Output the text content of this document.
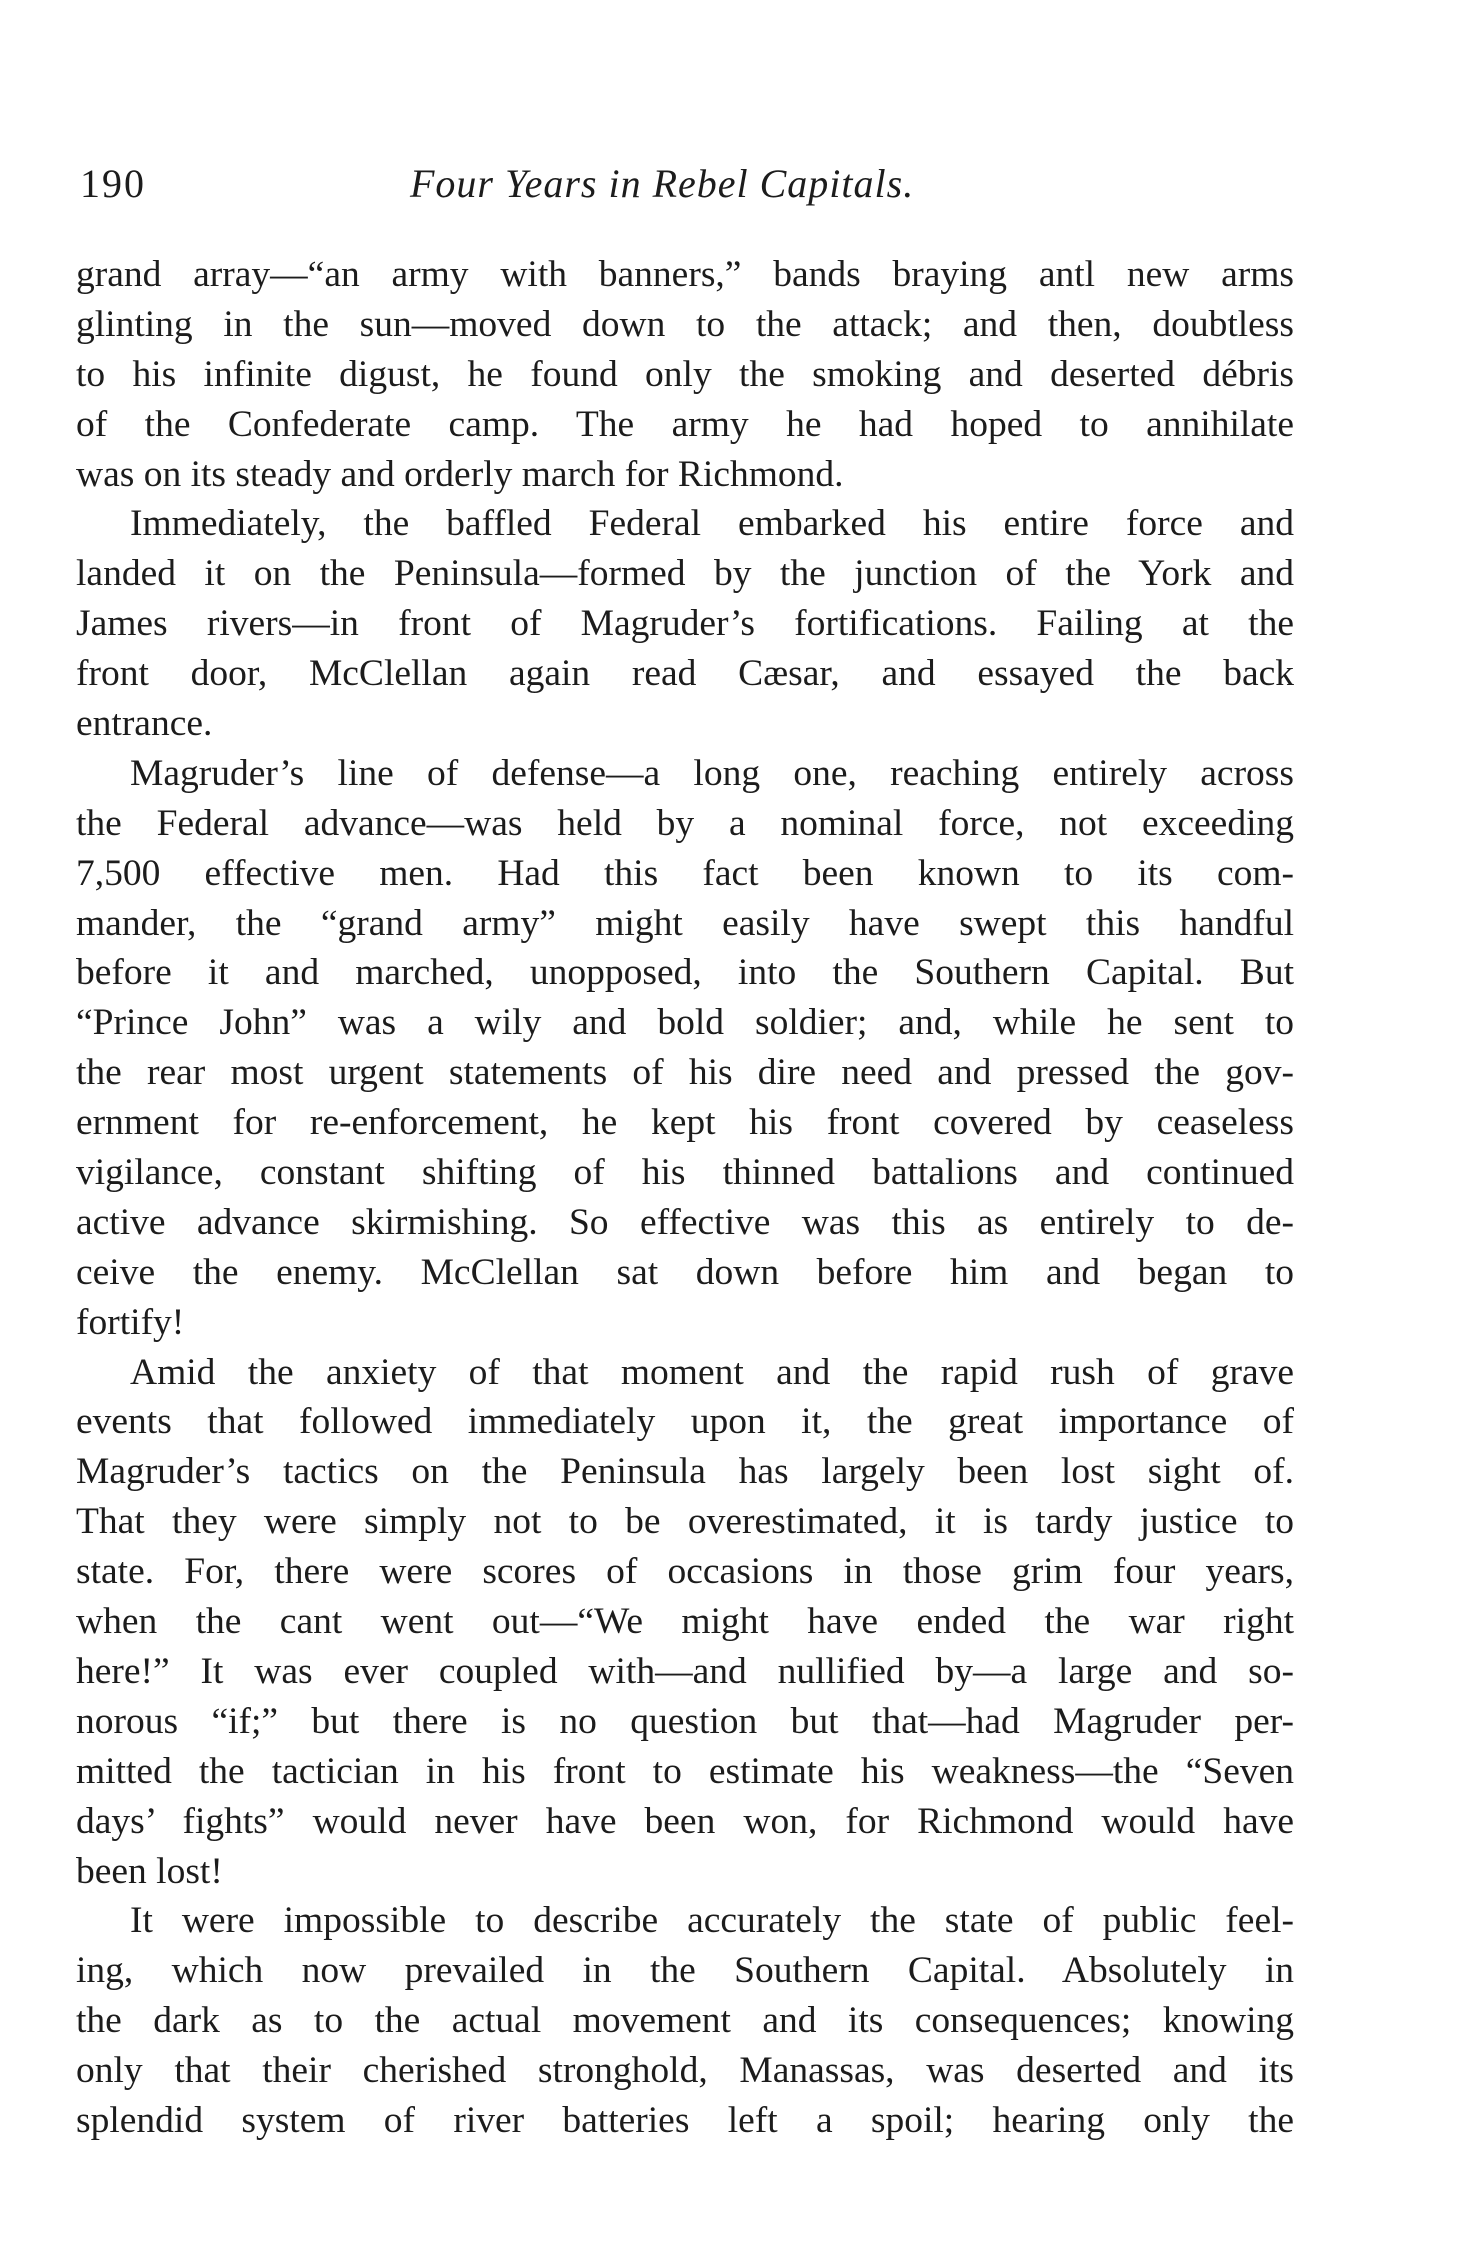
190	Four Years in Rebel Capitals.
grand array—“an army with banners,” bands braying antl new arms
glinting in the sun—moved down to the attack; and then, doubtless
to his infinite digust, he found only the smoking and deserted débris
of the Confederate camp. The army he had hoped to annihilate
was on its steady and orderly march for Richmond.
Immediately, the baffled Federal embarked his entire force and
landed it on the Peninsula—formed by the junction of the York and
James rivers—in front of Magruder’s fortifications. Failing at the
front door, McClellan again read Cæsar, and essayed the back
entrance.
Magruder’s line of defense—a long one, reaching entirely across
the Federal advance—was held by a nominal force, not exceeding
7,500 effective men. Had this fact been known to its com-
mander, the “grand army” might easily have swept this handful
before it and marched, unopposed, into the Southern Capital. But
“Prince John” was a wily and bold soldier; and, while he sent to
the rear most urgent statements of his dire need and pressed the gov-
ernment for re-enforcement, he kept his front covered by ceaseless
vigilance, constant shifting of his thinned battalions and continued
active advance skirmishing. So effective was this as entirely to de-
ceive the enemy. McClellan sat down before him and began to
fortify!
Amid the anxiety of that moment and the rapid rush of grave
events that followed immediately upon it, the great importance of
Magruder’s tactics on the Peninsula has largely been lost sight of.
That they were simply not to be overestimated, it is tardy justice to
state. For, there were scores of occasions in those grim four years,
when the cant went out—“We might have ended the war right
here!” It was ever coupled with—and nullified by—a large and so-
norous “if;” but there is no question but that—had Magruder per-
mitted the tactician in his front to estimate his weakness—the “Seven
days’ fights” would never have been won, for Richmond would have
been lost!
It were impossible to describe accurately the state of public feel-
ing, which now prevailed in the Southern Capital. Absolutely in
the dark as to the actual movement and its consequences; knowing
only that their cherished stronghold, Manassas, was deserted and its
splendid system of river batteries left a spoil; hearing only the
